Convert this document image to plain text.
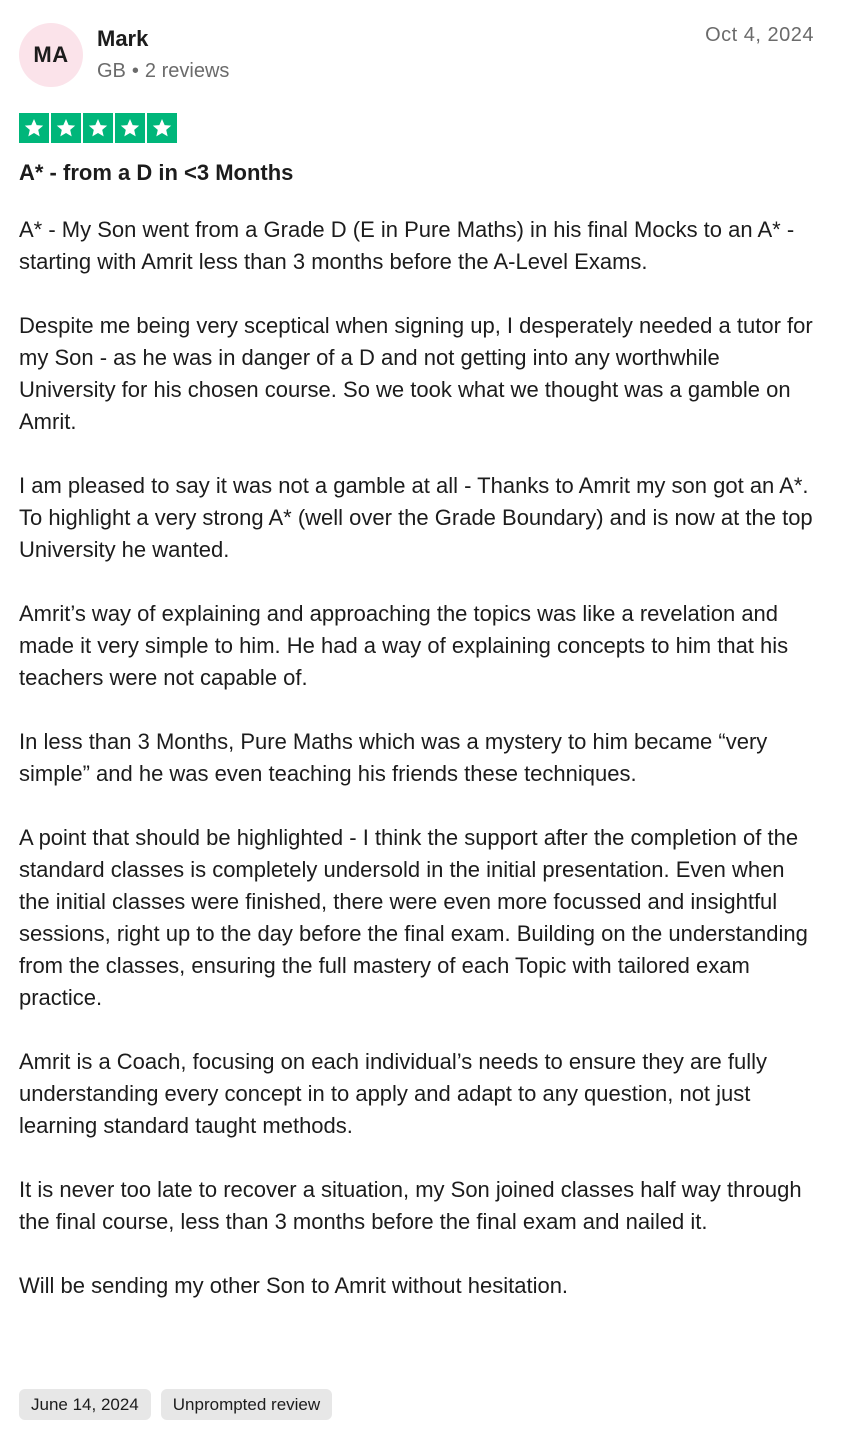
MA
Mark
GB • 2 reviews
Oct 4, 2024
A* - from a D in <3 Months

A* - My Son went from a Grade D (E in Pure Maths) in his final Mocks to an A* - starting with Amrit less than 3 months before the A-Level Exams.

Despite me being very sceptical when signing up, I desperately needed a tutor for my Son - as he was in danger of a D and not getting into any worthwhile University for his chosen course. So we took what we thought was a gamble on Amrit.

I am pleased to say it was not a gamble at all - Thanks to Amrit my son got an A*. To highlight a very strong A* (well over the Grade Boundary) and is now at the top University he wanted.

Amrit’s way of explaining and approaching the topics was like a revelation and made it very simple to him. He had a way of explaining concepts to him that his teachers were not capable of.

In less than 3 Months, Pure Maths which was a mystery to him became “very simple” and he was even teaching his friends these techniques.

A point that should be highlighted - I think the support after the completion of the standard classes is completely undersold in the initial presentation. Even when the initial classes were finished, there were even more focussed and insightful sessions, right up to the day before the final exam. Building on the understanding from the classes, ensuring the full mastery of each Topic with tailored exam practice.

Amrit is a Coach, focusing on each individual’s needs to ensure they are fully understanding every concept in to apply and adapt to any question, not just learning standard taught methods.

It is never too late to recover a situation, my Son joined classes half way through the final course, less than 3 months before the final exam and nailed it.

Will be sending my other Son to Amrit without hesitation.

June 14, 2024	Unprompted review
